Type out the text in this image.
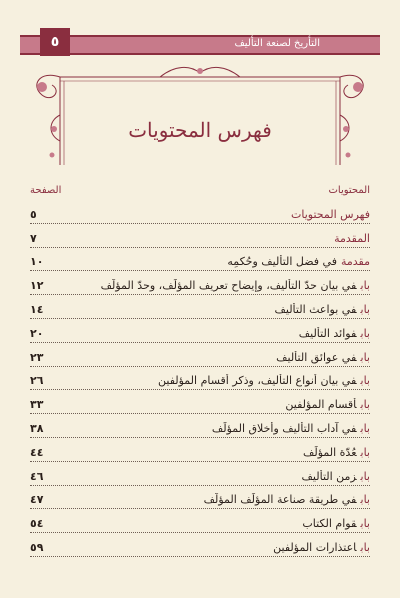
التأريخ لصنعة التأليف
٥
فهرس المحتويات
الصفحة	المحتويات
٥	فهرس المحتويات
٧	المقدمة
١٠	مقدمةفي فضل التأليف وحُكمِه
١٢	بابفي بيان حدّ التأليف، وإيضاح تعريف المؤلِّف، وحدّ المؤلَّف
١٤	بابفي بواعث التأليف
٢٠	بابفوائد التأليف
٢٣	بابفي عوائق التأليف
٢٦	بابفي بيان أنواع التأليف، وذكر أقسام المؤلفين
٣٣	بابأقسام المؤلفين
٣٨	بابفي آداب التأليف وأخلاق المؤلِّف
٤٤	بابعُدّة المؤلِّف
٤٦	بابزمن التأليف
٤٧	بابفي طريقة صناعة المؤلِّف المؤلَّف
٥٤	بابقوام الكتاب
٥٩	باباعتذارات المؤلفين
